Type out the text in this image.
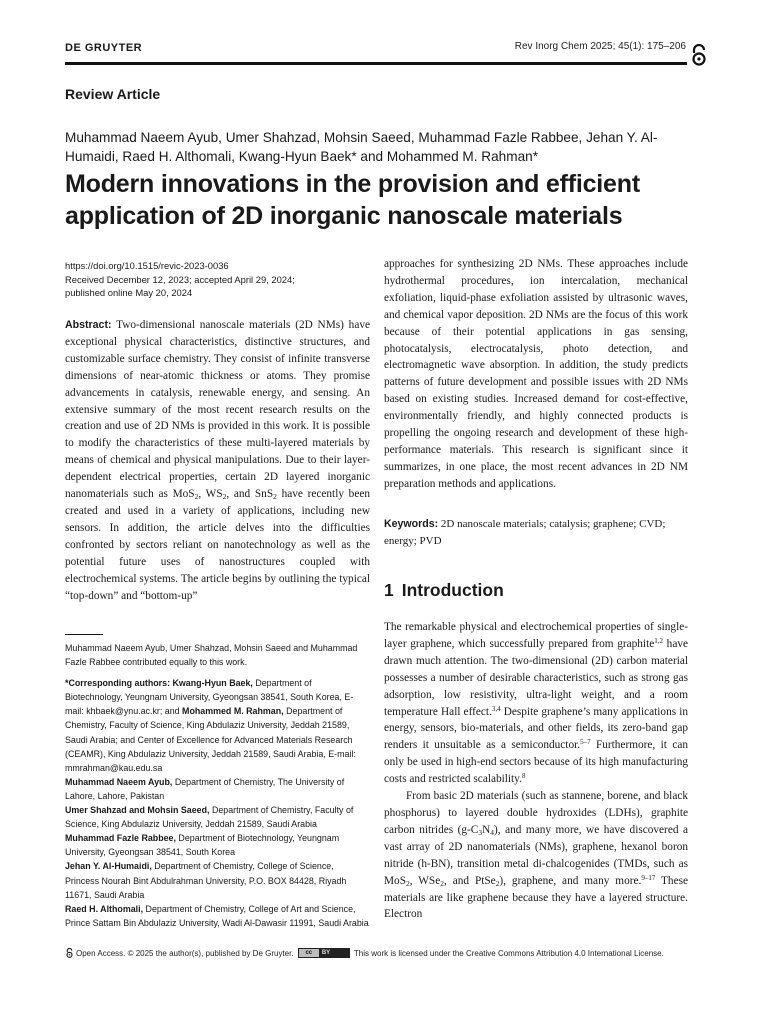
DE GRUYTER	Rev Inorg Chem 2025; 45(1): 175–206
Review Article
Muhammad Naeem Ayub, Umer Shahzad, Mohsin Saeed, Muhammad Fazle Rabbee, Jehan Y. Al-Humaidi, Raed H. Althomali, Kwang-Hyun Baek* and Mohammed M. Rahman*
Modern innovations in the provision and efficient application of 2D inorganic nanoscale materials
https://doi.org/10.1515/revic-2023-0036
Received December 12, 2023; accepted April 29, 2024;
published online May 20, 2024

Abstract: Two-dimensional nanoscale materials (2D NMs) have exceptional physical characteristics, distinctive structures, and customizable surface chemistry. They consist of infinite transverse dimensions of near-atomic thickness or atoms. They promise advancements in catalysis, renewable energy, and sensing. An extensive summary of the most recent research results on the creation and use of 2D NMs is provided in this work. It is possible to modify the characteristics of these multi-layered materials by means of chemical and physical manipulations. Due to their layer-dependent electrical properties, certain 2D layered inorganic nanomaterials such as MoS$_2$, $WS_2$, and SnS$_2$ have recently been created and used in a variety of applications, including new sensors. In addition, the article delves into the difficulties confronted by sectors reliant on nanotechnology as well as the potential future uses of nanostructures coupled with electrochemical systems. The article begins by outlining the typical “top-down” and “bottom-up”

Muhammad Naeem Ayub, Umer Shahzad, Mohsin Saeed and Muhammad Fazle Rabbee contributed equally to this work.

*Corresponding authors: Kwang-Hyun Baek, Department of Biotechnology, Yeungnam University, Gyeongsan 38541, South Korea, E-mail: khbaek@ynu.ac.kr; and Mohammed M. Rahman, Department of Chemistry, Faculty of Science, King Abdulaziz University, Jeddah 21589, Saudi Arabia; and Center of Excellence for Advanced Materials Research (CEAMR), King Abdulaziz University, Jeddah 21589, Saudi Arabia, E-mail: mmrahman@kau.edu.sa

Muhammad Naeem Ayub, Department of Chemistry, The University of Lahore, Lahore, Pakistan

Umer Shahzad and Mohsin Saeed, Department of Chemistry, Faculty of Science, King Abdulaziz University, Jeddah 21589, Saudi Arabia

Muhammad Fazle Rabbee, Department of Biotechnology, Yeungnam University, Gyeongsan 38541, South Korea

Jehan Y. Al-Humaidi, Department of Chemistry, College of Science, Princess Nourah Bint Abdulrahman University, P.O. BOX 84428, Riyadh 11671, Saudi Arabia

Raed H. Althomali, Department of Chemistry, College of Art and Science, Prince Sattam Bin Abdulaziz University, Wadi Al-Dawasir 11991, Saudi Arabia

approaches for synthesizing 2D NMs. These approaches include hydrothermal procedures, ion intercalation, mechanical exfoliation, liquid-phase exfoliation assisted by ultrasonic waves, and chemical vapor deposition. 2D NMs are the focus of this work because of their potential applications in gas sensing, photocatalysis, electrocatalysis, photo detection, and electromagnetic wave absorption. In addition, the study predicts patterns of future development and possible issues with 2D NMs based on existing studies. Increased demand for cost-effective, environmentally friendly, and highly connected products is propelling the ongoing research and development of these high-performance materials. This research is significant since it summarizes, in one place, the most recent advances in 2D NM preparation methods and applications.

Keywords: 2D nanoscale materials; catalysis; graphene; CVD; energy; PVD
1 Introduction

The remarkable physical and electrochemical properties of single-layer graphene, which successfully prepared from graphite$^{1,2}$ have drawn much attention. The two-dimensional (2D) carbon material possesses a number of desirable characteristics, such as strong gas adsorption, low resistivity, ultra-light weight, and a room temperature Hall effect.$^{3,4}$ Despite graphene’s many applications in energy, sensors, bio-materials, and other fields, its zero-band gap renders it unsuitable as a semiconductor.$^{5-7}$ Furthermore, it can only be used in high-end sectors because of its high manufacturing costs and restricted scalability.$^8$

From basic 2D materials (such as stannene, borene, and black phosphorus) to layered double hydroxides (LDHs), graphite carbon nitrides $(g-C_3N_4)$, and many more, we have discovered a vast array of 2D nanomaterials (NMs), graphene, hexanol boron nitride (h-BN), transition metal di-chalcogenides (TMDs, such as MoS$_2$, WSe$_2$, and PtSe$_2$), graphene, and many more.$^{9-17}$ These materials are like graphene because they have a layered structure. Electron

Open Access. © 2025 the author(s), published by De Gruyter.	cc	BY	This work is licensed under the Creative Commons Attribution 4.0 International License.
